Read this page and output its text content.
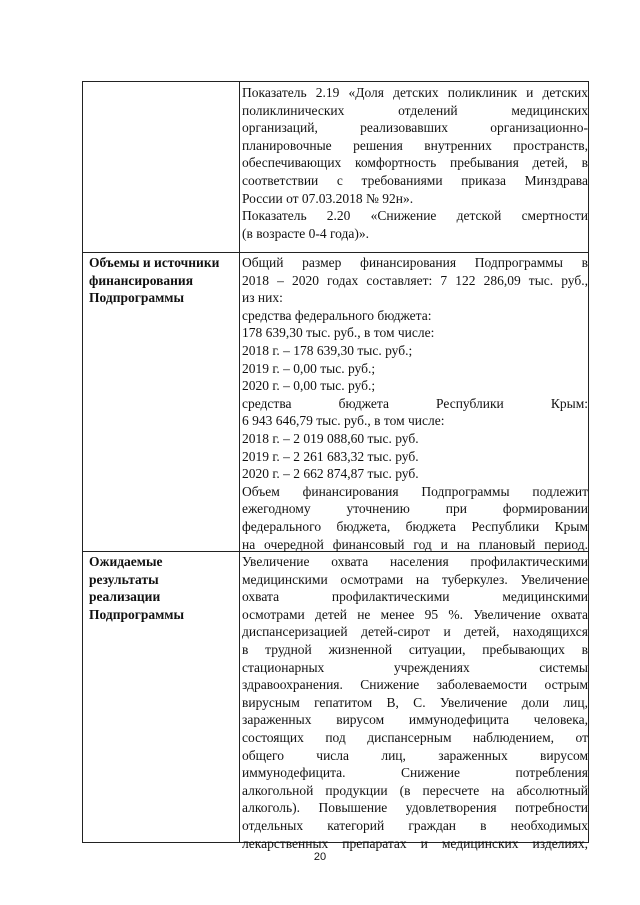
Показатель 2.19 «Доля детских поликлиник и детских
поликлинических отделений медицинских
организаций, реализовавших организационно-
планировочные решения внутренних пространств,
обеспечивающих комфортность пребывания детей, в
соответствии с требованиями приказа Минздрава
России от 07.03.2018 № 92н».
Показатель 2.20 «Снижение детской смертности
(в возрасте 0-4 года)».
Объемы и источники
финансирования
Подпрограммы
Общий размер финансирования Подпрограммы в
2018 – 2020 годах составляет: 7 122 286,09 тыс. руб.,
из них:
средства федерального бюджета:
178 639,30 тыс. руб., в том числе:
2018 г. – 178 639,30 тыс. руб.;
2019 г. – 0,00 тыс. руб.;
2020 г. – 0,00 тыс. руб.;
средства бюджета Республики Крым:
6 943 646,79 тыс. руб., в том числе:
2018 г. – 2 019 088,60 тыс. руб.
2019 г. – 2 261 683,32 тыс. руб.
2020 г. – 2 662 874,87 тыс. руб.
Объем финансирования Подпрограммы подлежит
ежегодному уточнению при формировании
федерального бюджета, бюджета Республики Крым
на очередной финансовый год и на плановый период.
Ожидаемые
результаты
реализации
Подпрограммы
Увеличение охвата населения профилактическими
медицинскими осмотрами на туберкулез. Увеличение
охвата профилактическими медицинскими
осмотрами детей не менее 95 %. Увеличение охвата
диспансеризацией детей-сирот и детей, находящихся
в трудной жизненной ситуации, пребывающих в
стационарных учреждениях системы
здравоохранения. Снижение заболеваемости острым
вирусным гепатитом В, С. Увеличение доли лиц,
зараженных вирусом иммунодефицита человека,
состоящих под диспансерным наблюдением, от
общего числа лиц, зараженных вирусом
иммунодефицита. Снижение потребления
алкогольной продукции (в пересчете на абсолютный
алкоголь). Повышение удовлетворения потребности
отдельных категорий граждан в необходимых
лекарственных препаратах и медицинских изделиях,
20
